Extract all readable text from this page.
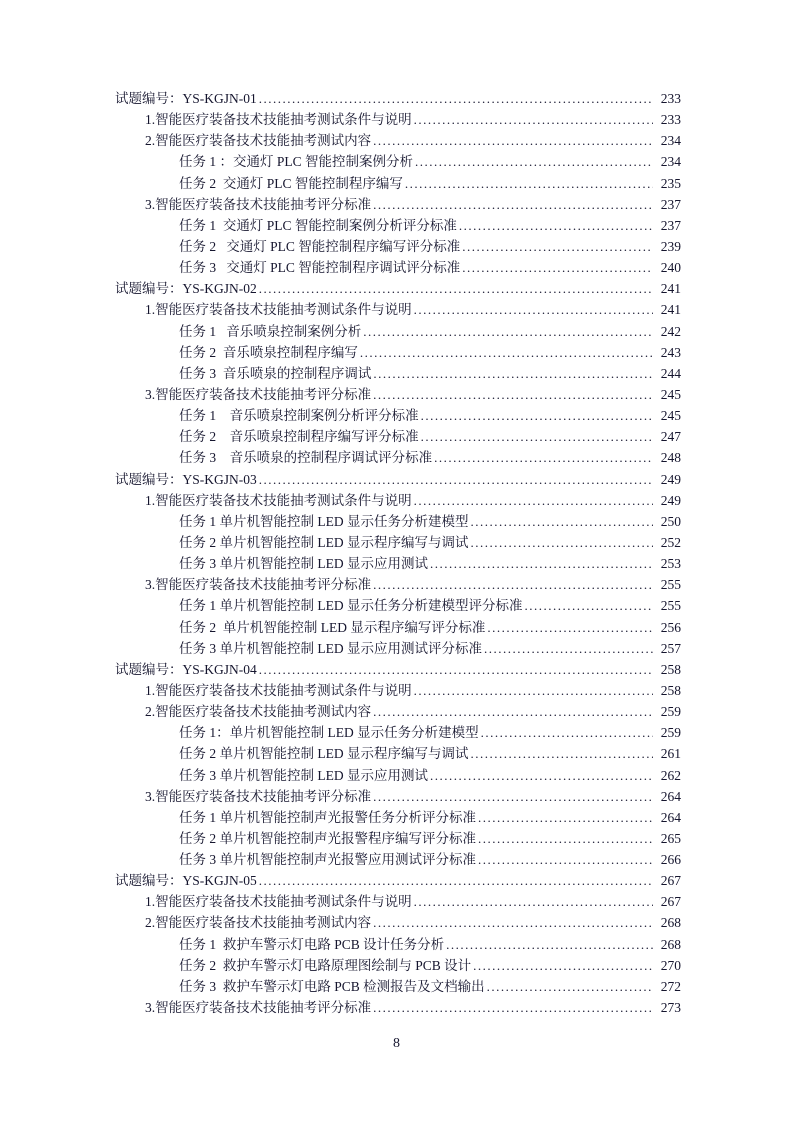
试题编号：YS-KGJN-01 .....	233
1.智能医疗装备技术技能抽考测试条件与说明 .....	233
2.智能医疗装备技术技能抽考测试内容 .....	234
任务 1 ：交通灯 PLC 智能控制案例分析 .....	234
任务 2  交通灯 PLC 智能控制程序编写 .....	235
3.智能医疗装备技术技能抽考评分标准 .....	237
任务 1  交通灯 PLC 智能控制案例分析评分标准 .....	237
任务 2   交通灯 PLC 智能控制程序编写评分标准 .....	239
任务 3   交通灯 PLC 智能控制程序调试评分标准 .....	240
试题编号：YS-KGJN-02 .....	241
1.智能医疗装备技术技能抽考测试条件与说明 .....	241
任务 1   音乐喷泉控制案例分析 .....	242
任务 2  音乐喷泉控制程序编写 .....	243
任务 3  音乐喷泉的控制程序调试 .....	244
3.智能医疗装备技术技能抽考评分标准 .....	245
任务 1    音乐喷泉控制案例分析评分标准 .....	245
任务 2    音乐喷泉控制程序编写评分标准 .....	247
任务 3    音乐喷泉的控制程序调试评分标准 .....	248
试题编号：YS-KGJN-03 .....	249
1.智能医疗装备技术技能抽考测试条件与说明 .....	249
任务 1 单片机智能控制 LED 显示任务分析建模型 .....	250
任务 2 单片机智能控制 LED 显示程序编写与调试 .....	252
任务 3 单片机智能控制 LED 显示应用测试 .....	253
3.智能医疗装备技术技能抽考评分标准 .....	255
任务 1 单片机智能控制 LED 显示任务分析建模型评分标准 .....	255
任务 2  单片机智能控制 LED 显示程序编写评分标准 .....	256
任务 3 单片机智能控制 LED 显示应用测试评分标准 .....	257
试题编号：YS-KGJN-04 .....	258
1.智能医疗装备技术技能抽考测试条件与说明 .....	258
2.智能医疗装备技术技能抽考测试内容 .....	259
任务 1：单片机智能控制 LED 显示任务分析建模型 .....	259
任务 2 单片机智能控制 LED 显示程序编写与调试 .....	261
任务 3 单片机智能控制 LED 显示应用测试 .....	262
3.智能医疗装备技术技能抽考评分标准 .....	264
任务 1 单片机智能控制声光报警任务分析评分标准 .....	264
任务 2 单片机智能控制声光报警程序编写评分标准 .....	265
任务 3 单片机智能控制声光报警应用测试评分标准 .....	266
试题编号：YS-KGJN-05 .....	267
1.智能医疗装备技术技能抽考测试条件与说明 .....	267
2.智能医疗装备技术技能抽考测试内容 .....	268
任务 1  救护车警示灯电路 PCB 设计任务分析 .....	268
任务 2  救护车警示灯电路原理图绘制与 PCB 设计 .....	270
任务 3  救护车警示灯电路 PCB 检测报告及文档输出 .....	272
3.智能医疗装备技术技能抽考评分标准 .....	273
8
